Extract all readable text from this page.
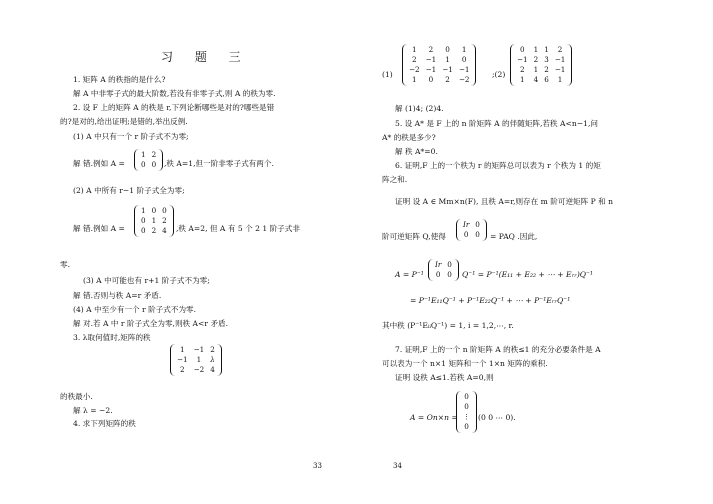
习 题 三
1. 矩阵 A 的秩指的是什么?
解 A 中非零子式的最大阶数,若没有非零子式,则 A 的秩为零.
2. 设 F 上的矩阵 A 的秩是 r,下列论断哪些是对的?哪些是错
的?是对的,给出证明;是错的,举出反例.
(1) A 中只有一个 r 阶子式不为零;
解 错.例如 A =
1	2
0	0 ,秩 A=1,但一阶非零子式有两个.
(2) A 中所有 r−1 阶子式全为零;
解 错.例如 A =
1	0	0
0	1	2
0	2	4 ,秩 A=2, 但 A 有 5 个 2 1 阶子式非
零.
(3) A 中可能也有 r+1 阶子式不为零;
解 错.否则与秩 A=r 矛盾.
(4) A 中至少有一个 r 阶子式不为零.
解 对.若 A 中 r 阶子式全为零,则秩 A<r 矛盾.
3. λ取何值时,矩阵的秩
1	−1	2
−1	1	λ
2	−2	4
的秩最小.
解 λ = −2.
4. 求下列矩阵的秩
33
(1)
1	2	0	1
2	−1	1	0
−2	−1	−1	−1
1	0	2	−2
;(2)
0	1	1	2
−1	2	3	−1
2	1	2	−1
1	4	6	1
解 (1)4; (2)4.
5. 设 A* 是 F 上的 n 阶矩阵 A 的伴随矩阵,若秩 A<n−1,问
A* 的秩是多少?
解 秩 A*=0.
6. 证明,F 上的一个秩为 r 的矩阵总可以表为 r 个秩为 1 的矩
阵之和.
证明 设 A ∈ Mm×n(F), 且秩 A=r,则存在 m 阶可逆矩阵 P 和 n
阶可逆矩阵 Q,使得
Ir	0
0	0 = PAQ .因此,
A = P⁻¹
Ir	0
0	0 Q⁻¹ = P⁻¹(E₁₁ + E₂₂ + ⋯ + Eᵣᵣ)Q⁻¹
= P⁻¹E₁₁Q⁻¹ + P⁻¹E₂₂Q⁻¹ + ⋯ + P⁻¹EᵣᵣQ⁻¹
其中秩 (P⁻¹EᵢᵢQ⁻¹) = 1, i = 1,2,⋯, r.
7. 证明,F 上的一个 n 阶矩阵 A 的秩≤1 的充分必要条件是 A
可以表为一个 n×1 矩阵和一个 1×n 矩阵的乘积.
证明 设秩 A≤1.若秩 A=0,则
A = On×n =
0
0
⋮
0
(0 0 ⋯ 0).
34
